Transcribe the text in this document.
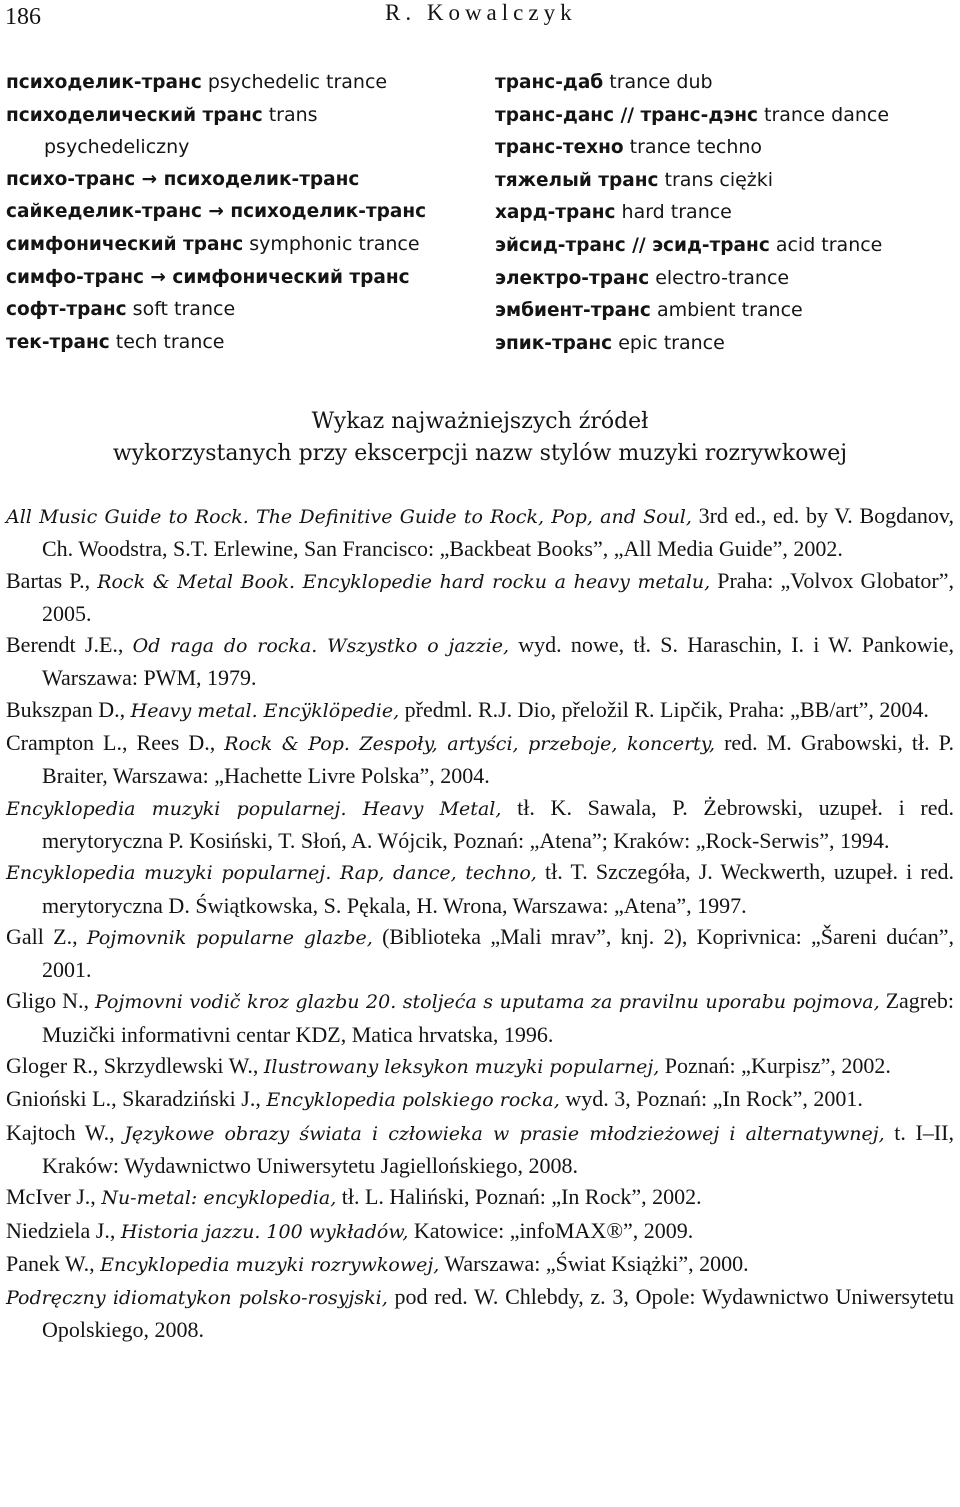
186	R. Kowalczyk
психоделик-транс psychedelic trance
психоделический транс trans psychedeliczny
психо-транс → психоделик-транс
сайкеделик-транс → психоделик-транс
симфонический транс symphonic trance
симфо-транс → симфонический транс
софт-транс soft trance
тек-транс tech trance
транс-даб trance dub
транс-данс // транс-дэнс trance dance
транс-техно trance techno
тяжелый транс trans ciężki
хард-транс hard trance
эйсид-транс // эсид-транс acid trance
электро-транс electro-trance
эмбиент-транс ambient trance
эпик-транс epic trance
Wykaz najważniejszych źródeł
wykorzystanych przy ekscerpcji nazw stylów muzyki rozrywkowej

All Music Guide to Rock. The Definitive Guide to Rock, Pop, and Soul, 3rd ed., ed. by V. Bogdanov, Ch. Woodstra, S.T. Erlewine, San Francisco: „Backbeat Books”, „All Media Guide”, 2002.

Bartas P., Rock & Metal Book. Encyklopedie hard rocku a heavy metalu, Praha: „Volvox Globator”, 2005.

Berendt J.E., Od raga do rocka. Wszystko o jazzie, wyd. nowe, tł. S. Haraschin, I. i W. Pankowie, Warszawa: PWM, 1979.

Bukszpan D., Heavy metal. Encÿklöpedie, předml. R.J. Dio, přeložil R. Lipčik, Praha: „BB/art”, 2004.

Crampton L., Rees D., Rock & Pop. Zespoły, artyści, przeboje, koncerty, red. M. Grabowski, tł. P. Braiter, Warszawa: „Hachette Livre Polska”, 2004.

Encyklopedia muzyki popularnej. Heavy Metal, tł. K. Sawala, P. Żebrowski, uzupeł. i red. merytoryczna P. Kosiński, T. Słoń, A. Wójcik, Poznań: „Atena”; Kraków: „Rock-Serwis”, 1994.

Encyklopedia muzyki popularnej. Rap, dance, techno, tł. T. Szczegóła, J. Weckwerth, uzupeł. i red. merytoryczna D. Świątkowska, S. Pękala, H. Wrona, Warszawa: „Atena”, 1997.

Gall Z., Pojmovnik popularne glazbe, (Biblioteka „Mali mrav”, knj. 2), Koprivnica: „Šareni dućan”, 2001.

Gligo N., Pojmovni vodič kroz glazbu 20. stoljeća s uputama za pravilnu uporabu pojmova, Zagreb: Muzički informativni centar KDZ, Matica hrvatska, 1996.

Gloger R., Skrzydlewski W., Ilustrowany leksykon muzyki popularnej, Poznań: „Kurpisz”, 2002.

Gnioński L., Skaradziński J., Encyklopedia polskiego rocka, wyd. 3, Poznań: „In Rock”, 2001.

Kajtoch W., Językowe obrazy świata i człowieka w prasie młodzieżowej i alternatywnej, t. I–II, Kraków: Wydawnictwo Uniwersytetu Jagiellońskiego, 2008.

McIver J., Nu-metal: encyklopedia, tł. L. Haliński, Poznań: „In Rock”, 2002.

Niedziela J., Historia jazzu. 100 wykładów, Katowice: „infoMAX®”, 2009.

Panek W., Encyklopedia muzyki rozrywkowej, Warszawa: „Świat Książki”, 2000.

Podręczny idiomatykon polsko-rosyjski, pod red. W. Chlebdy, z. 3, Opole: Wydawnictwo Uniwersytetu Opolskiego, 2008.
